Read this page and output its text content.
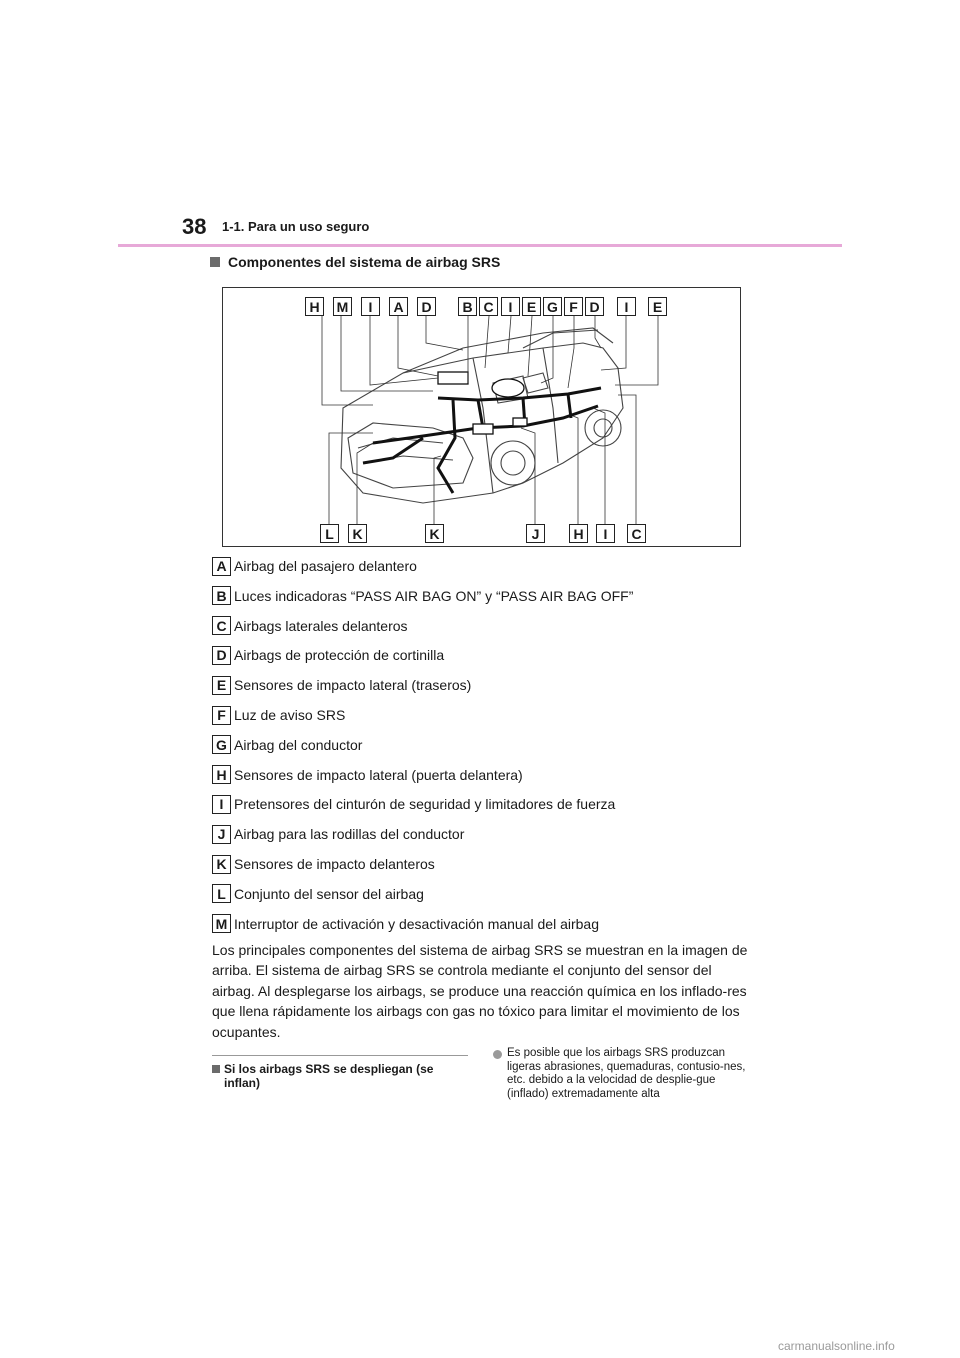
38 1-1. Para un uso seguro
Componentes del sistema de airbag SRS
H	M	I	A	D	B C	I	E G F D	I	E
L	K	K	J	H	I	C
A Airbag del pasajero delantero
B Luces indicadoras “PASS AIR BAG ON” y “PASS AIR BAG OFF”
C Airbags laterales delanteros
D Airbags de protección de cortinilla
E Sensores de impacto lateral (traseros)
F Luz de aviso SRS
G Airbag del conductor
H Sensores de impacto lateral (puerta delantera)
I Pretensores del cinturón de seguridad y limitadores de fuerza
J Airbag para las rodillas del conductor
K Sensores de impacto delanteros
L Conjunto del sensor del airbag
M Interruptor de activación y desactivación manual del airbag
Los principales componentes del sistema de airbag SRS se muestran en la imagen de arriba. El sistema de airbag SRS se controla mediante el conjunto del sensor del airbag. Al desplegarse los airbags, se produce una reacción química en los inflado-res que llena rápidamente los airbags con gas no tóxico para limitar el movimiento de los ocupantes.
Si los airbags SRS se despliegan (se inflan)
Es posible que los airbags SRS produzcan ligeras abrasiones, quemaduras, contusio-nes, etc. debido a la velocidad de desplie-gue (inflado) extremadamente alta
carmanualsonline.info
